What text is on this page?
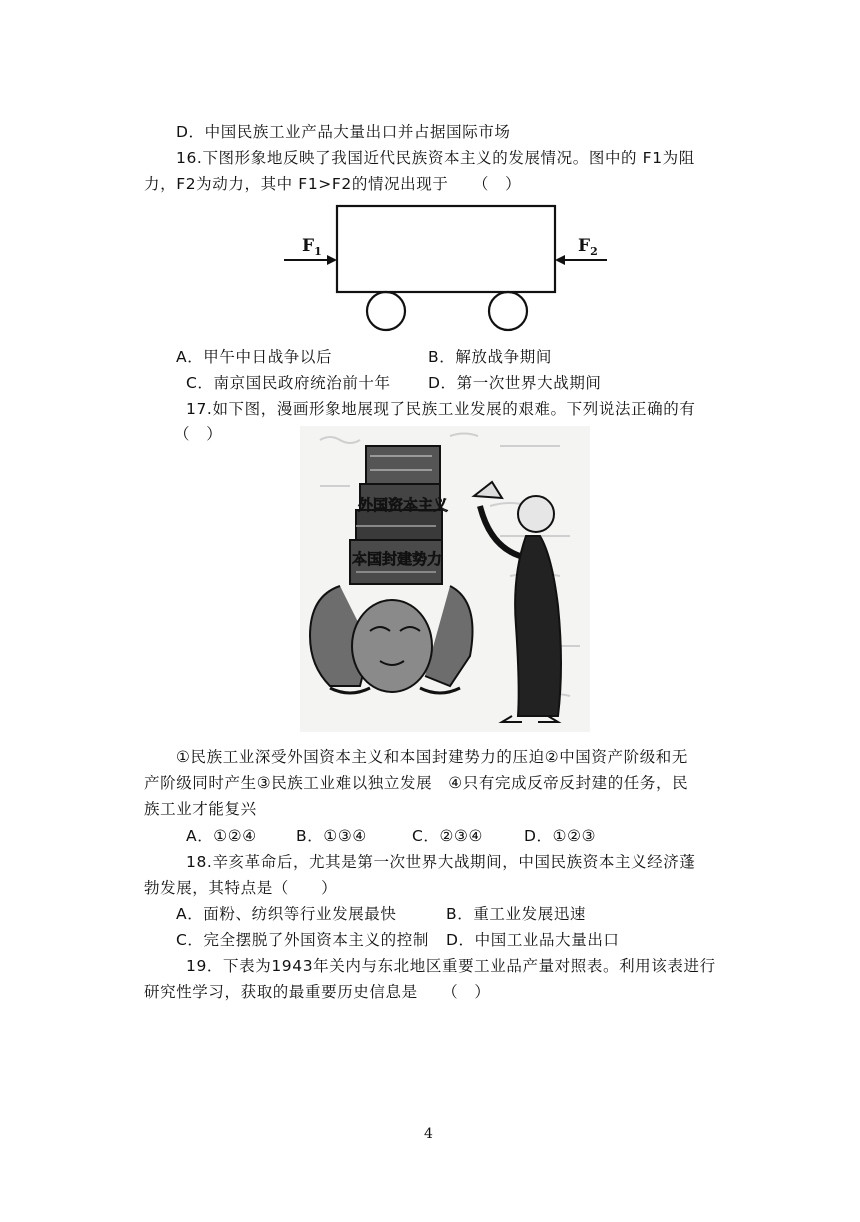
D．中国民族工业产品大量出口并占据国际市场
16.下图形象地反映了我国近代民族资本主义的发展情况。图中的 F1为阻
力，F2为动力，其中 F1>F2的情况出现于　　（　）
$F_1$	$F_2$
A．甲午中日战争以后	B．解放战争期间
C．南京国民政府统治前十年 D．第一次世界大战期间
17.如下图，漫画形象地展现了民族工业发展的艰难。下列说法正确的有
（　）
外国资本主义
本国封建势力
①民族工业深受外国资本主义和本国封建势力的压迫②中国资产阶级和无
产阶级同时产生③民族工业难以独立发展　④只有完成反帝反封建的任务，民
族工业才能复兴
A．①②④	B．①③④	C．②③④	D．①②③
18.辛亥革命后，尤其是第一次世界大战期间，中国民族资本主义经济蓬
勃发展，其特点是（　　）
A．面粉、纺织等行业发展最快	B．重工业发展迅速
C．完全摆脱了外国资本主义的控制 D．中国工业品大量出口
19．下表为1943年关内与东北地区重要工业品产量对照表。利用该表进行
研究性学习，获取的最重要历史信息是　　（　）
4
